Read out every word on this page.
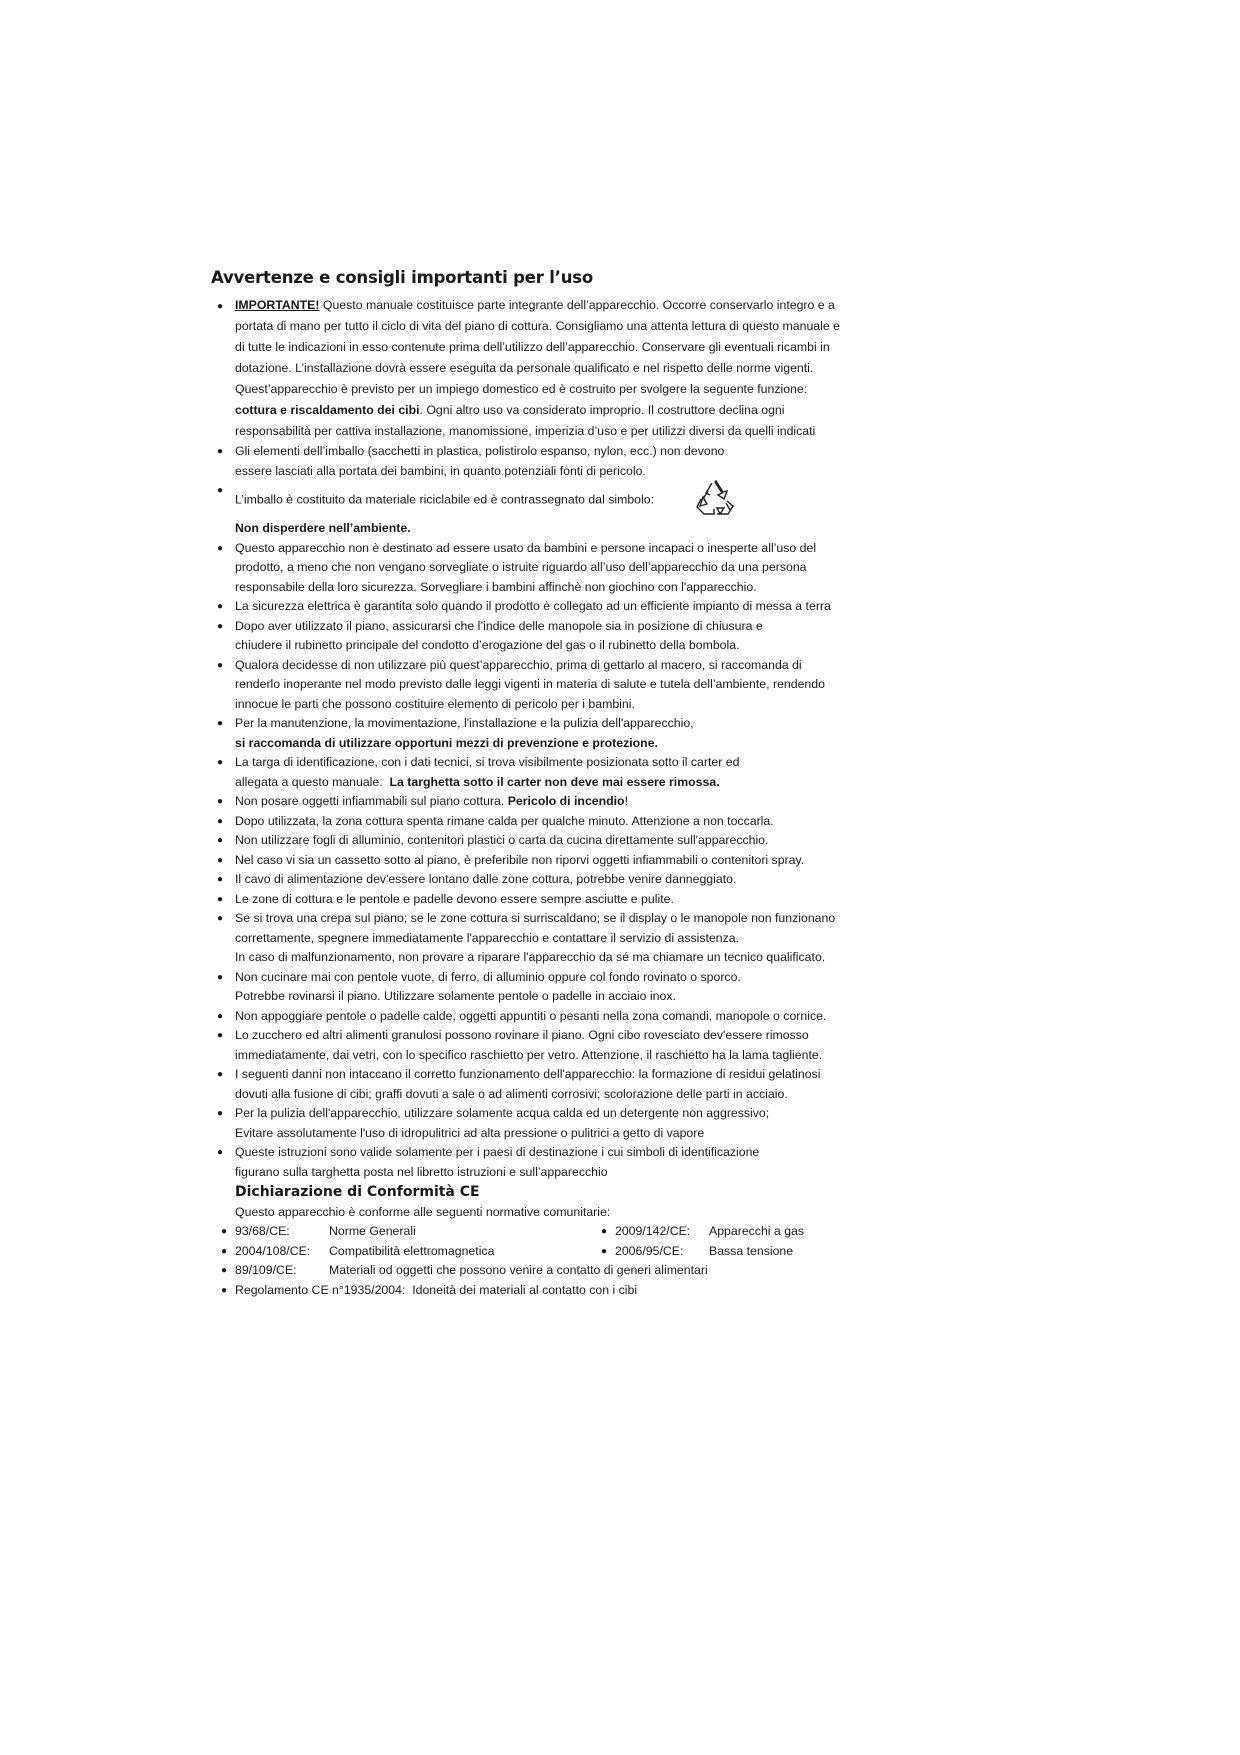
Avvertenze e consigli importanti per l’uso
● IMPORTANTE! Questo manuale costituisce parte integrante dell’apparecchio. Occorre conservarlo integro e a
portata di mano per tutto il ciclo di vita del piano di cottura. Consigliamo una attenta lettura di questo manuale e
di tutte le indicazioni in esso contenute prima dell’utilizzo dell’apparecchio. Conservare gli eventuali ricambi in
dotazione. L’installazione dovrà essere eseguita da personale qualificato e nel rispetto delle norme vigenti.
Quest’apparecchio è previsto per un impiego domestico ed è costruito per svolgere la seguente funzione:
cottura e riscaldamento dei cibi. Ogni altro uso va considerato improprio. Il costruttore declina ogni
responsabilità per cattiva installazione, manomissione, imperizia d’uso e per utilizzi diversi da quelli indicati
● Gli elementi dell’imballo (sacchetti in plastica, polistirolo espanso, nylon, ecc.) non devono
essere lasciati alla portata dei bambini, in quanto potenziali fonti di pericolo.
● L’imballo è costituito da materiale riciclabile ed è contrassegnato dal simbolo:
Non disperdere nell’ambiente.
● Questo apparecchio non è destinato ad essere usato da bambini e persone incapaci o inesperte all’uso del
prodotto, a meno che non vengano sorvegliate o istruite riguardo all’uso dell’apparecchio da una persona
responsabile della loro sicurezza. Sorvegliare i bambini affinchè non giochino con l'apparecchio.
● La sicurezza elettrica è garantita solo quando il prodotto è collegato ad un efficiente impianto di messa a terra
● Dopo aver utilizzato il piano, assicurarsi che l’indice delle manopole sia in posizione di chiusura e
chiudere il rubinetto principale del condotto d’erogazione del gas o il rubinetto della bombola.
● Qualora decidesse di non utilizzare più quest’apparecchio, prima di gettarlo al macero, si raccomanda di
renderlo inoperante nel modo previsto dalle leggi vigenti in materia di salute e tutela dell’ambiente, rendendo
innocue le parti che possono costituire elemento di pericolo per i bambini.
● Per la manutenzione, la movimentazione, l'installazione e la pulizia dell'apparecchio,
si raccomanda di utilizzare opportuni mezzi di prevenzione e protezione.
● La targa di identificazione, con i dati tecnici, si trova visibilmente posizionata sotto il carter ed
allegata a questo manuale.  La targhetta sotto il carter non deve mai essere rimossa.
● Non posare oggetti infiammabili sul piano cottura. Pericolo di incendio!
● Dopo utilizzata, la zona cottura spenta rimane calda per qualche minuto. Attenzione a non toccarla.
● Non utilizzare fogli di alluminio, contenitori plastici o carta da cucina direttamente sull'apparecchio.
● Nel caso vi sia un cassetto sotto al piano, è preferibile non riporvi oggetti infiammabili o contenitori spray.
● Il cavo di alimentazione dev'essere lontano dalle zone cottura, potrebbe venire danneggiato.
● Le zone di cottura e le pentole e padelle devono essere sempre asciutte e pulite.
● Se si trova una crepa sul piano; se le zone cottura si surriscaldano; se il display o le manopole non funzionano
correttamente, spegnere immediatamente l'apparecchio e contattare il servizio di assistenza.
In caso di malfunzionamento, non provare a riparare l'apparecchio da sé ma chiamare un tecnico qualificato.
● Non cucinare mai con pentole vuote, di ferro, di alluminio oppure col fondo rovinato o sporco.
Potrebbe rovinarsi il piano. Utilizzare solamente pentole o padelle in acciaio inox.
● Non appoggiare pentole o padelle calde, oggetti appuntiti o pesanti nella zona comandi, manopole o cornice.
● Lo zucchero ed altri alimenti granulosi possono rovinare il piano. Ogni cibo rovesciato dev'essere rimosso
immediatamente, dai vetri, con lo specifico raschietto per vetro. Attenzione, il raschietto ha la lama tagliente.
● I seguenti danni non intaccano il corretto funzionamento dell'apparecchio: la formazione di residui gelatinosi
dovuti alla fusione di cibi; graffi dovuti a sale o ad alimenti corrosivi; scolorazione delle parti in acciaio.
● Per la pulizia dell'apparecchio, utilizzare solamente acqua calda ed un detergente non aggressivo;
Evitare assolutamente l'uso di idropulitrici ad alta pressione o pulitrici a getto di vapore
● Queste istruzioni sono valide solamente per i paesi di destinazione i cui simboli di identificazione
figurano sulla targhetta posta nel libretto istruzioni e sull’apparecchio
Dichiarazione di Conformità CE
Questo apparecchio è conforme alle seguenti normative comunitarie:
● 93/68/CE:	Norme Generali	● 2009/142/CE: Apparecchi a gas
● 2004/108/CE: Compatibilità elettromagnetica	● 2006/95/CE: Bassa tensione
● 89/109/CE:	Materiali od oggetti che possono venire a contatto di generi alimentari
● Regolamento CE n°1935/2004:  Idoneità dei materiali al contatto con i cibi
